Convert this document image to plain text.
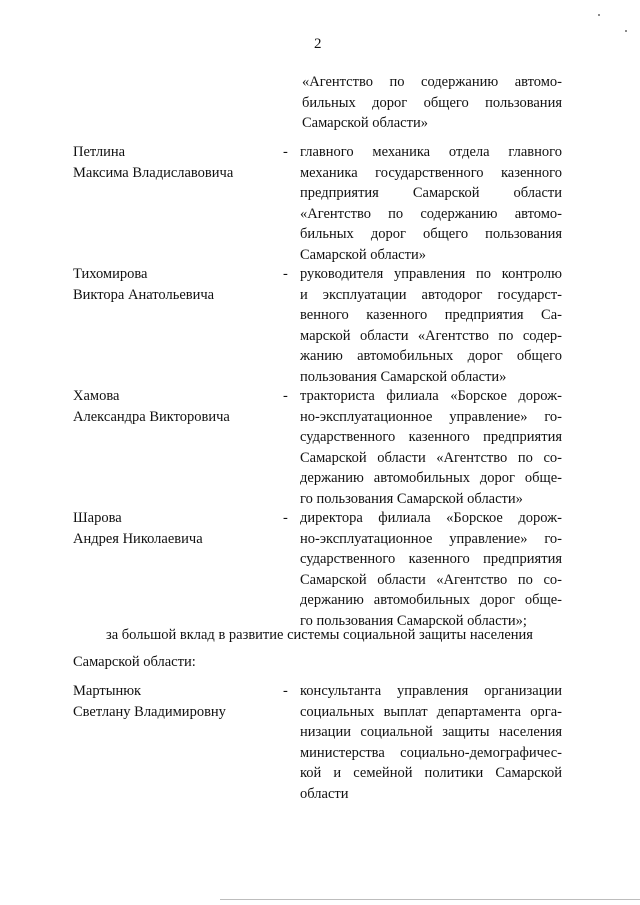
2
«Агентство по содержанию автомо-
бильных дорог общего пользования
Самарской области»
Петлина
Максима Владиславовича
- главного механика отдела главного
механика государственного казенного
предприятия Самарской области
«Агентство по содержанию автомо-
бильных дорог общего пользования
Самарской области»
Тихомирова
Виктора Анатольевича
- руководителя управления по контролю
и эксплуатации автодорог государст-
венного казенного предприятия Са-
марской области «Агентство по содер-
жанию автомобильных дорог общего
пользования Самарской области»
Хамова
Александра Викторовича
- тракториста филиала «Борское дорож-
но-эксплуатационное управление» го-
сударственного казенного предприятия
Самарской области «Агентство по со-
держанию автомобильных дорог обще-
го пользования Самарской области»
Шарова
Андрея Николаевича
- директора филиала «Борское дорож-
но-эксплуатационное управление» го-
сударственного казенного предприятия
Самарской области «Агентство по со-
держанию автомобильных дорог обще-
го пользования Самарской области»;
за большой вклад в развитие системы социальной защиты населения
Самарской области:
Мартынюк
Светлану Владимировну
- консультанта управления организации
социальных выплат департамента орга-
низации социальной защиты населения
министерства социально-демографичес-
кой и семейной политики Самарской
области
